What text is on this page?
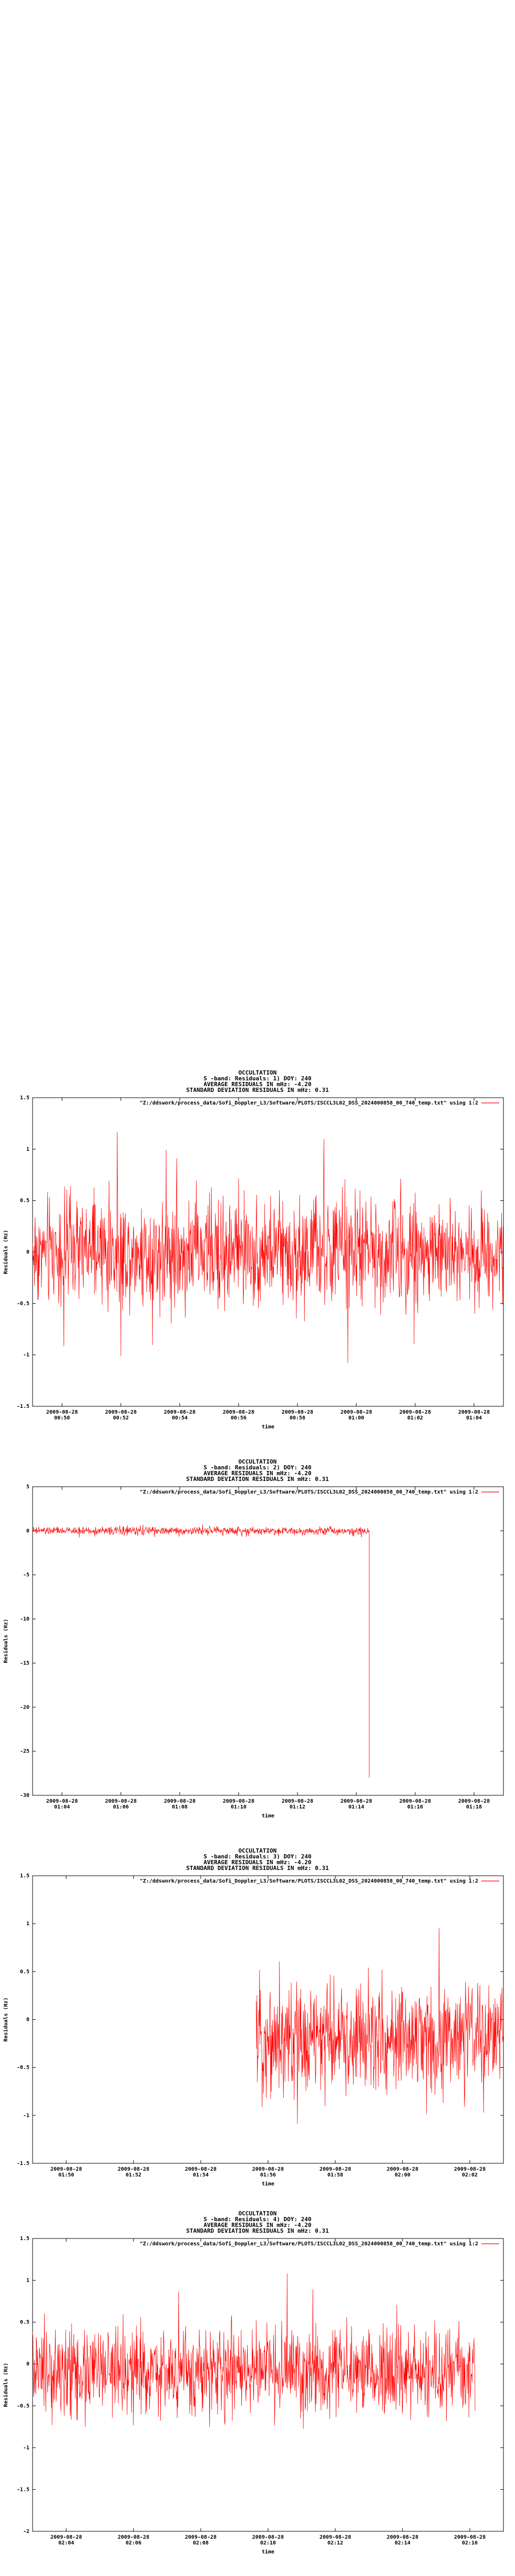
OCCULTATION
S -band: Residuals: 1) DOY: 240
AVERAGE RESIDUALS IN mHz: -4.20
STANDARD DEVIATION RESIDUALS IN mHz: 0.31
-1.5
-1
-0.5
0
0.5
1
1.5
2009-08-28
00:50
2009-08-28
00:52
2009-08-28
00:54
2009-08-28
00:56
2009-08-28
00:58
2009-08-28
01:00
2009-08-28
01:02
2009-08-28
01:04
time
Residuals (Hz)
"Z:/ddswork/process_data/Sofi_Doppler_L3/Software/PLOTS/ISCCL3L02_DSS_2024000858_00_740_temp.txt" using 1:2
OCCULTATION
S -band: Residuals: 2) DOY: 240
AVERAGE RESIDUALS IN mHz: -4.20
STANDARD DEVIATION RESIDUALS IN mHz: 0.31
-30
-25
-20
-15
-10
-5
0
5
2009-08-28
01:04
2009-08-28
01:06
2009-08-28
01:08
2009-08-28
01:10
2009-08-28
01:12
2009-08-28
01:14
2009-08-28
01:16
2009-08-28
01:18
time
Residuals (Hz)
"Z:/ddswork/process_data/Sofi_Doppler_L3/Software/PLOTS/ISCCL3L02_DSS_2024000858_00_740_temp.txt" using 1:2
OCCULTATION
S -band: Residuals: 3) DOY: 240
AVERAGE RESIDUALS IN mHz: -4.20
STANDARD DEVIATION RESIDUALS IN mHz: 0.31
-1.5
-1
-0.5
0
0.5
1
1.5
2009-08-28
01:50
2009-08-28
01:52
2009-08-28
01:54
2009-08-28
01:56
2009-08-28
01:58
2009-08-28
02:00
2009-08-28
02:02
time
Residuals (Hz)
"Z:/ddswork/process_data/Sofi_Doppler_L3/Software/PLOTS/ISCCL3L02_DSS_2024000858_00_740_temp.txt" using 1:2
OCCULTATION
S -band: Residuals: 4) DOY: 240
AVERAGE RESIDUALS IN mHz: -4.20
STANDARD DEVIATION RESIDUALS IN mHz: 0.31
-2
-1.5
-1
-0.5
0
0.5
1
1.5
2009-08-28
02:04
2009-08-28
02:06
2009-08-28
02:08
2009-08-28
02:10
2009-08-28
02:12
2009-08-28
02:14
2009-08-28
02:16
time
Residuals (Hz)
"Z:/ddswork/process_data/Sofi_Doppler_L3/Software/PLOTS/ISCCL3L02_DSS_2024000858_00_740_temp.txt" using 1:2
